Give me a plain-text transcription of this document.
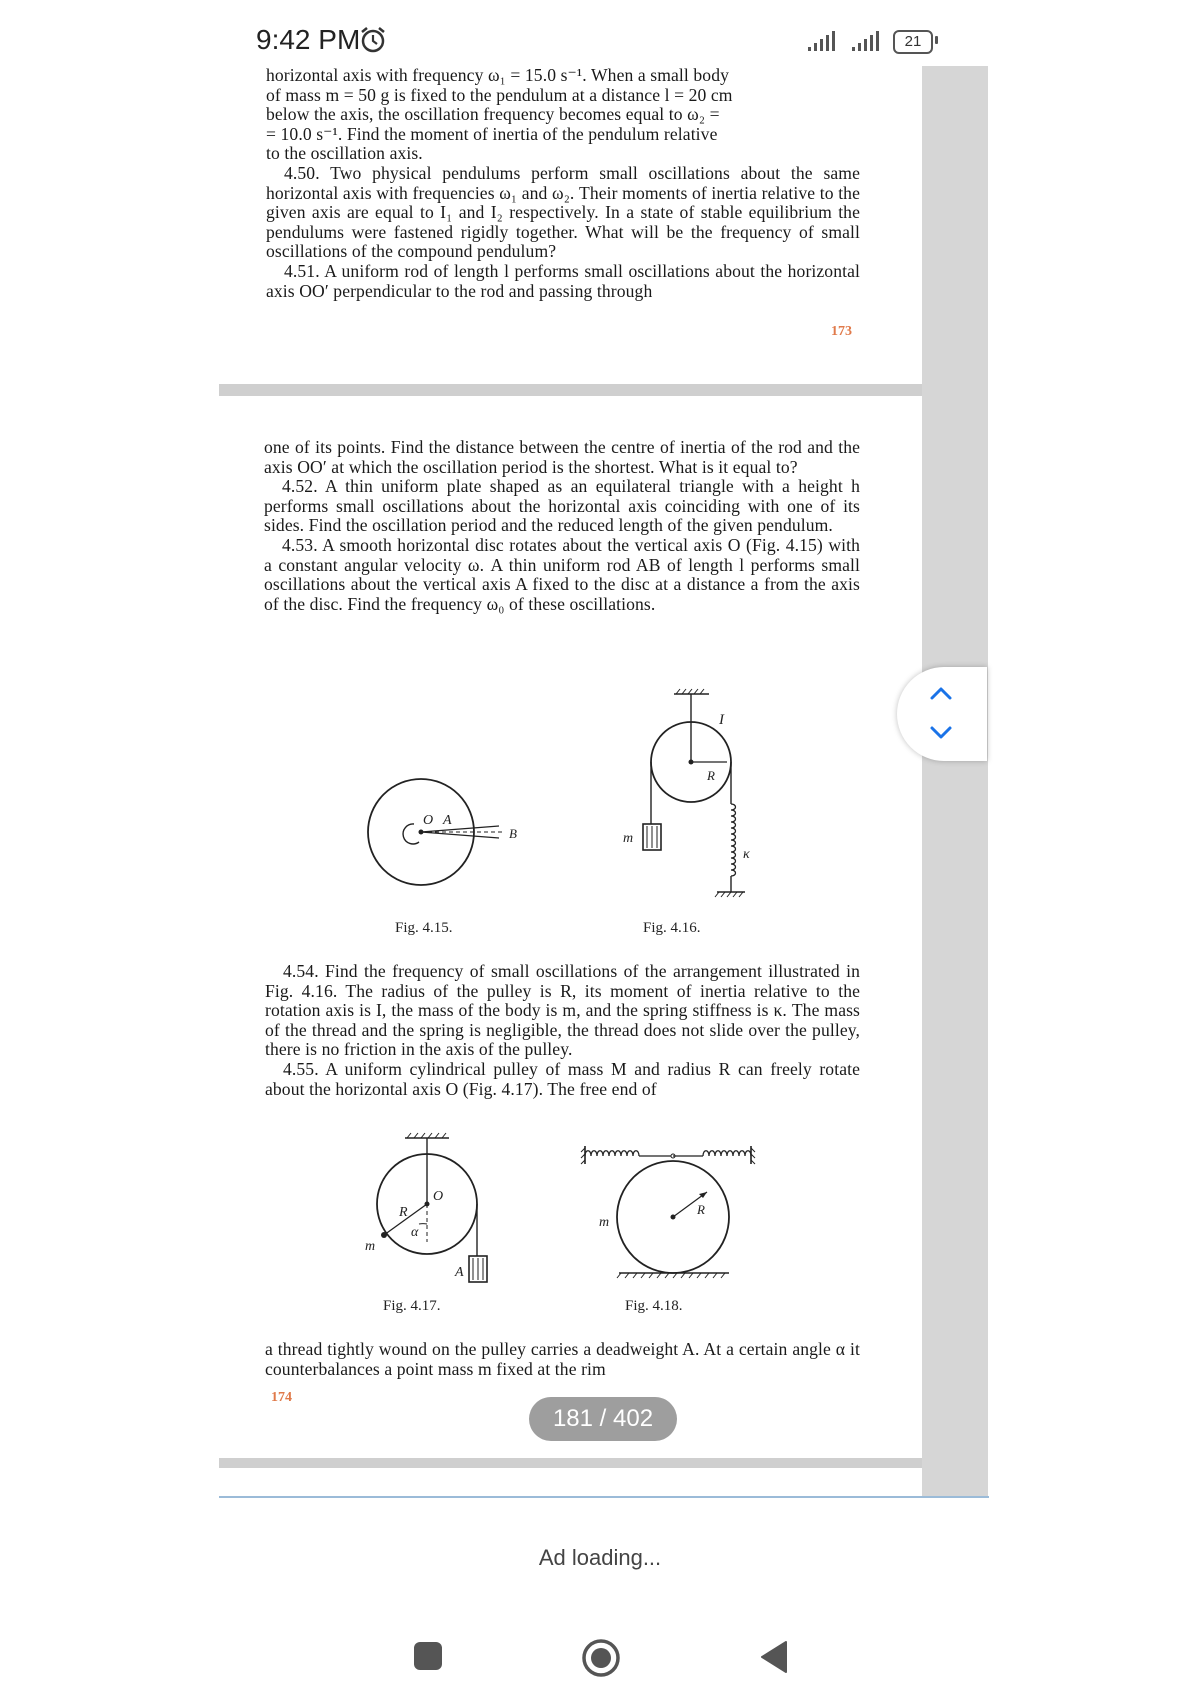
9:42 PM	21

horizontal axis with frequency ω₁ = 15.0 s⁻¹. When a small body

of mass m = 50 g is fixed to the pendulum at a distance l = 20 cm

below the axis, the oscillation frequency becomes equal to ω₂ =

= 10.0 s⁻¹. Find the moment of inertia of the pendulum relative

to the oscillation axis.

4.50. Two physical pendulums perform small oscillations about the same horizontal axis with frequencies ω₁ and ω₂. Their moments of inertia relative to the given axis are equal to I₁ and I₂ respectively. In a state of stable equilibrium the pendulums were fastened rigidly together. What will be the frequency of small oscillations of the compound pendulum?

4.51. A uniform rod of length l performs small oscillations about the horizontal axis OO′ perpendicular to the rod and passing through

173

one of its points. Find the distance between the centre of inertia of the rod and the axis OO′ at which the oscillation period is the shortest. What is it equal to?

4.52. A thin uniform plate shaped as an equilateral triangle with a height h performs small oscillations about the horizontal axis coinciding with one of its sides. Find the oscillation period and the reduced length of the given pendulum.

4.53. A smooth horizontal disc rotates about the vertical axis O (Fig. 4.15) with a constant angular velocity ω. A thin uniform rod AB of length l performs small oscillations about the vertical axis A fixed to the disc at a distance a from the axis of the disc. Find the frequency ω₀ of these oscillations.

O A
B
Fig. 4.15.
I
R
m
κ
Fig. 4.16.

4.54. Find the frequency of small oscillations of the arrangement illustrated in Fig. 4.16. The radius of the pulley is R, its moment of inertia relative to the rotation axis is I, the mass of the body is m, and the spring stiffness is κ. The mass of the thread and the spring is negligible, the thread does not slide over the pulley, there is no friction in the axis of the pulley.

4.55. A uniform cylindrical pulley of mass M and radius R can freely rotate about the horizontal axis O (Fig. 4.17). The free end of

O
R
α
m
A
Fig. 4.17.
R
m
Fig. 4.18.

a thread tightly wound on the pulley carries a deadweight A. At a certain angle α it counterbalances a point mass m fixed at the rim

174
181 / 402
Ad loading...
